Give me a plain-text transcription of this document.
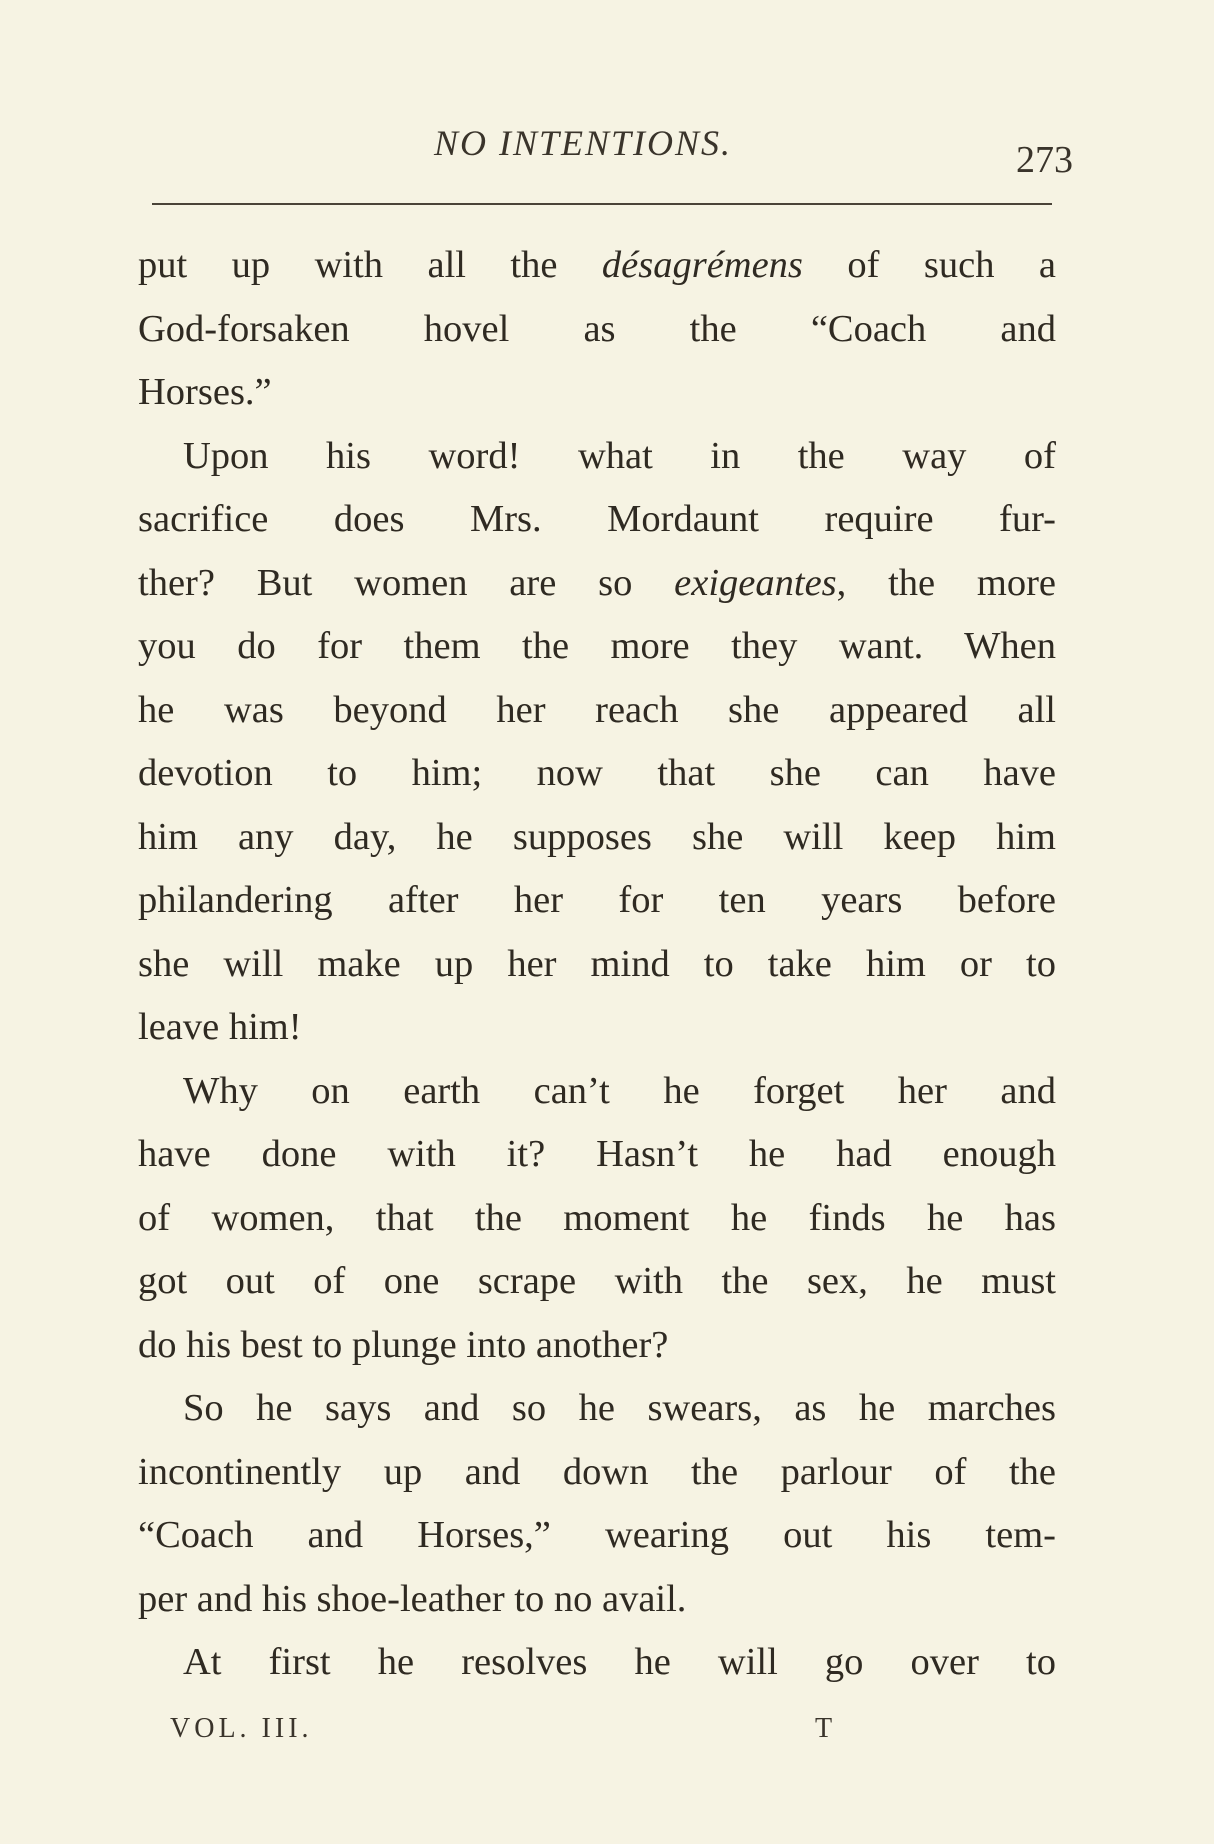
NO INTENTIONS.	273
put up with all the désagrémens of such a
God-forsaken hovel as the “Coach and
Horses.”
Upon his word! what in the way of
sacrifice does Mrs. Mordaunt require fur-
ther? But women are so exigeantes, the more
you do for them the more they want. When
he was beyond her reach she appeared all
devotion to him; now that she can have
him any day, he supposes she will keep him
philandering after her for ten years before
she will make up her mind to take him or to
leave him!
Why on earth can’t he forget her and
have done with it? Hasn’t he had enough
of women, that the moment he finds he has
got out of one scrape with the sex, he must
do his best to plunge into another?
So he says and so he swears, as he marches
incontinently up and down the parlour of the
“Coach and Horses,” wearing out his tem-
per and his shoe-leather to no avail.
At first he resolves he will go over to
VOL. III.	T
